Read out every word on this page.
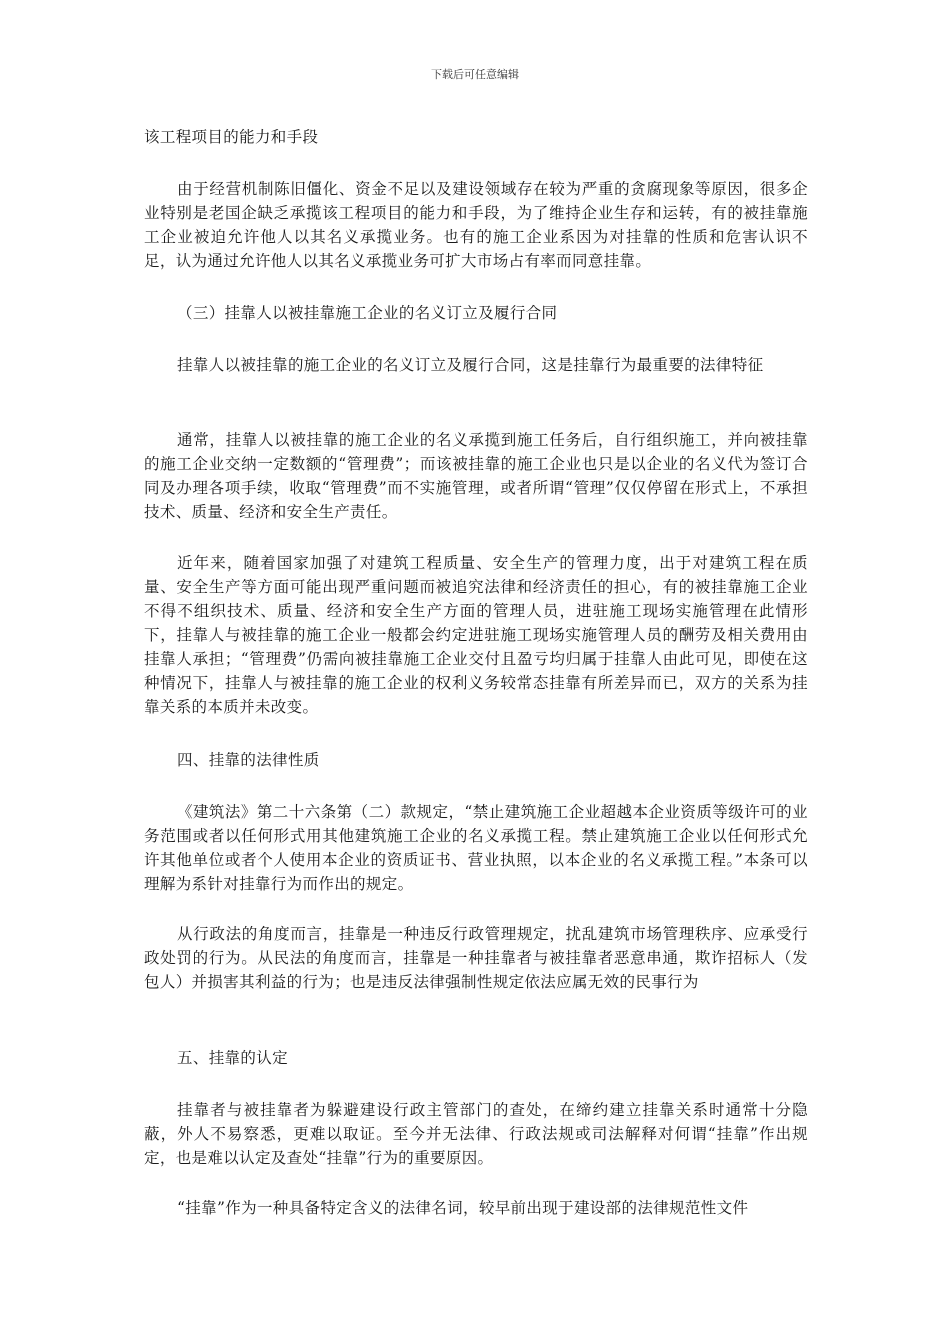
下载后可任意编辑

该工程项目的能力和手段

由于经营机制陈旧僵化、资金不足以及建设领域存在较为严重的贪腐现象等原因，很多企业特别是老国企缺乏承揽该工程项目的能力和手段，为了维持企业生存和运转，有的被挂靠施工企业被迫允许他人以其名义承揽业务。也有的施工企业系因为对挂靠的性质和危害认识不足，认为通过允许他人以其名义承揽业务可扩大市场占有率而同意挂靠。

（三）挂靠人以被挂靠施工企业的名义订立及履行合同

挂靠人以被挂靠的施工企业的名义订立及履行合同，这是挂靠行为最重要的法律特征

通常，挂靠人以被挂靠的施工企业的名义承揽到施工任务后，自行组织施工，并向被挂靠的施工企业交纳一定数额的“管理费”；而该被挂靠的施工企业也只是以企业的名义代为签订合同及办理各项手续，收取“管理费”而不实施管理，或者所谓“管理”仅仅停留在形式上，不承担技术、质量、经济和安全生产责任。

近年来，随着国家加强了对建筑工程质量、安全生产的管理力度，出于对建筑工程在质量、安全生产等方面可能出现严重问题而被追究法律和经济责任的担心，有的被挂靠施工企业不得不组织技术、质量、经济和安全生产方面的管理人员，进驻施工现场实施管理在此情形下，挂靠人与被挂靠的施工企业一般都会约定进驻施工现场实施管理人员的酬劳及相关费用由挂靠人承担；“管理费”仍需向被挂靠施工企业交付且盈亏均归属于挂靠人由此可见，即使在这种情况下，挂靠人与被挂靠的施工企业的权利义务较常态挂靠有所差异而已，双方的关系为挂靠关系的本质并未改变。

四、挂靠的法律性质

《建筑法》第二十六条第（二）款规定，“禁止建筑施工企业超越本企业资质等级许可的业务范围或者以任何形式用其他建筑施工企业的名义承揽工程。禁止建筑施工企业以任何形式允许其他单位或者个人使用本企业的资质证书、营业执照，以本企业的名义承揽工程。”本条可以理解为系针对挂靠行为而作出的规定。

从行政法的角度而言，挂靠是一种违反行政管理规定，扰乱建筑市场管理秩序、应承受行政处罚的行为。从民法的角度而言，挂靠是一种挂靠者与被挂靠者恶意串通，欺诈招标人（发包人）并损害其利益的行为；也是违反法律强制性规定依法应属无效的民事行为

五、挂靠的认定

挂靠者与被挂靠者为躲避建设行政主管部门的查处，在缔约建立挂靠关系时通常十分隐蔽，外人不易察悉，更难以取证。至今并无法律、行政法规或司法解释对何谓“挂靠”作出规定，也是难以认定及查处“挂靠”行为的重要原因。

“挂靠”作为一种具备特定含义的法律名词，较早前出现于建设部的法律规范性文件
